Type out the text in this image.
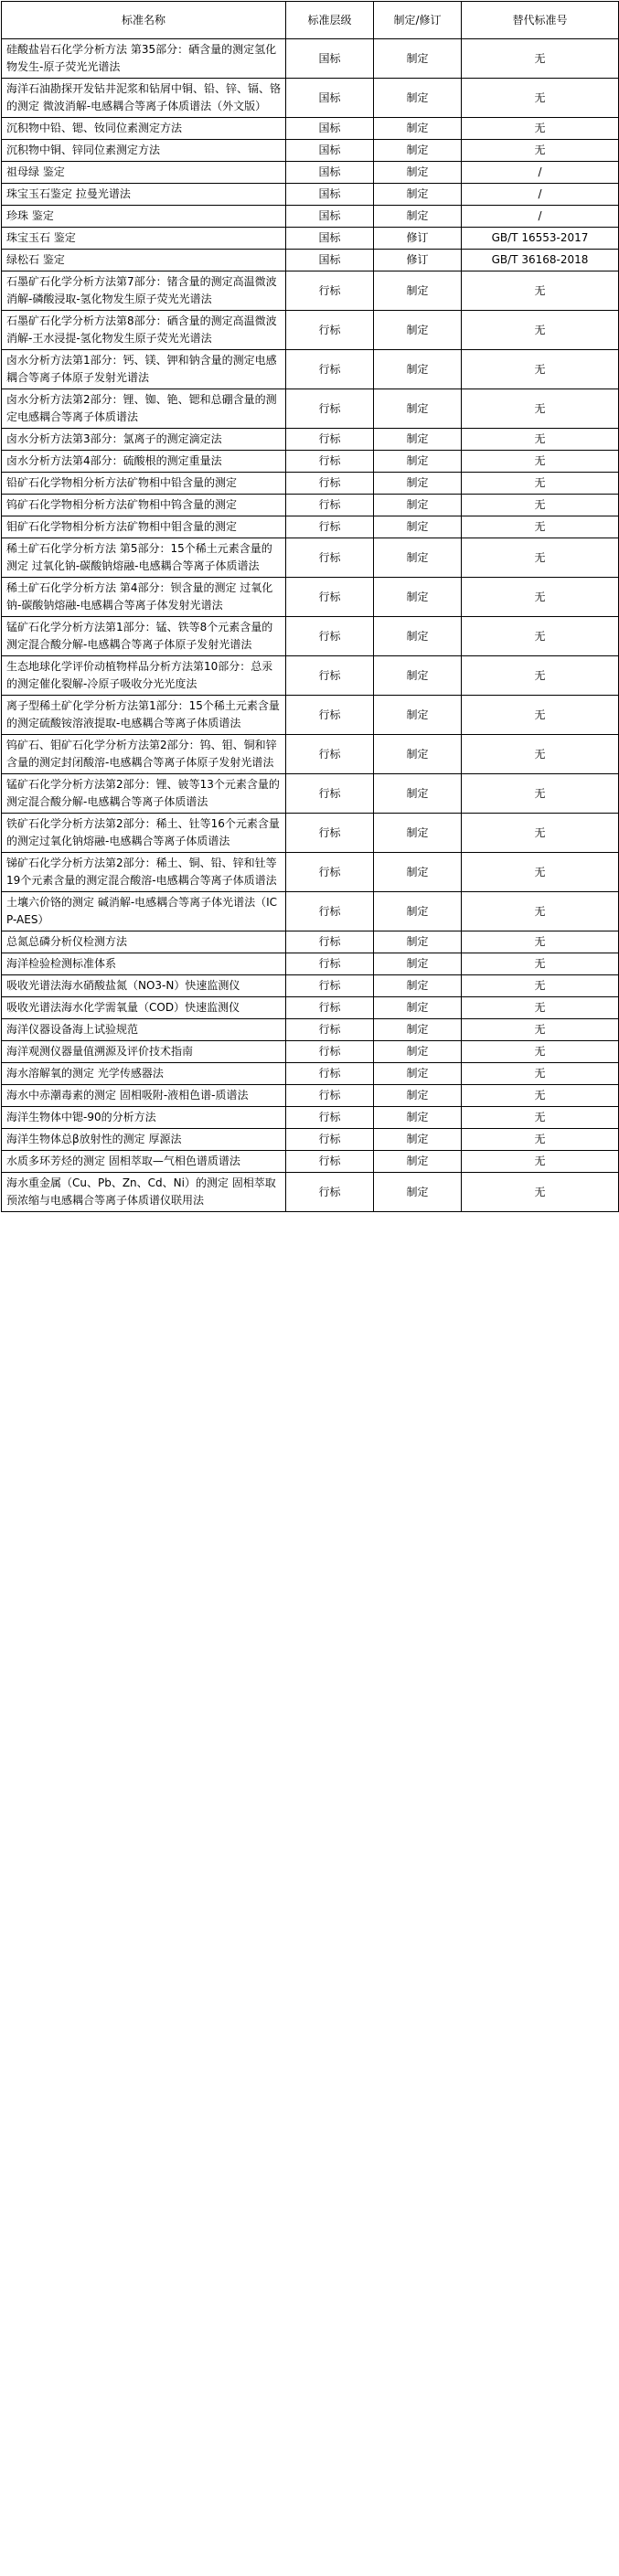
标准名称	标准层级	制定/修订	替代标准号
硅酸盐岩石化学分析方法 第35部分：硒含量的测定氢化物发生-原子荧光光谱法	国标	制定	无
海洋石油勘探开发钻井泥浆和钻屑中铜、铅、锌、镉、铬的测定 微波消解-电感耦合等离子体质谱法（外文版）	国标	制定	无
沉积物中铅、锶、钕同位素测定方法	国标	制定	无
沉积物中铜、锌同位素测定方法	国标	制定	无
祖母绿 鉴定	国标	制定	/
珠宝玉石鉴定 拉曼光谱法	国标	制定	/
珍珠 鉴定	国标	制定	/
珠宝玉石 鉴定	国标	修订	GB/T 16553-2017
绿松石 鉴定	国标	修订	GB/T 36168-2018
石墨矿石化学分析方法第7部分：锗含量的测定高温微波消解-磷酸浸取-氢化物发生原子荧光光谱法	行标	制定	无
石墨矿石化学分析方法第8部分：硒含量的测定高温微波消解-王水浸提-氢化物发生原子荧光光谱法	行标	制定	无
卤水分析方法第1部分：钙、镁、钾和钠含量的测定电感耦合等离子体原子发射光谱法	行标	制定	无
卤水分析方法第2部分：锂、铷、铯、锶和总硼含量的测定电感耦合等离子体质谱法	行标	制定	无
卤水分析方法第3部分：氯离子的测定滴定法	行标	制定	无
卤水分析方法第4部分：硫酸根的测定重量法	行标	制定	无
铅矿石化学物相分析方法矿物相中铅含量的测定	行标	制定	无
钨矿石化学物相分析方法矿物相中钨含量的测定	行标	制定	无
钼矿石化学物相分析方法矿物相中钼含量的测定	行标	制定	无
稀土矿石化学分析方法 第5部分：15个稀土元素含量的测定 过氧化钠-碳酸钠熔融-电感耦合等离子体质谱法	行标	制定	无
稀土矿石化学分析方法 第4部分：钡含量的测定 过氧化钠-碳酸钠熔融-电感耦合等离子体发射光谱法	行标	制定	无
锰矿石化学分析方法第1部分：锰、铁等8个元素含量的测定混合酸分解-电感耦合等离子体原子发射光谱法	行标	制定	无
生态地球化学评价动植物样品分析方法第10部分：总汞的测定催化裂解-冷原子吸收分光光度法	行标	制定	无
离子型稀土矿化学分析方法第1部分：15个稀土元素含量的测定硫酸铵溶液提取-电感耦合等离子体质谱法	行标	制定	无
钨矿石、钼矿石化学分析方法第2部分：钨、钼、铜和锌含量的测定封闭酸溶-电感耦合等离子体原子发射光谱法	行标	制定	无
锰矿石化学分析方法第2部分：锂、铍等13个元素含量的测定混合酸分解-电感耦合等离子体质谱法	行标	制定	无
铁矿石化学分析方法第2部分：稀土、钍等16个元素含量的测定过氧化钠熔融-电感耦合等离子体质谱法	行标	制定	无
锑矿石化学分析方法第2部分：稀土、铜、铅、锌和钍等19个元素含量的测定混合酸溶-电感耦合等离子体质谱法	行标	制定	无
土壤六价铬的测定 碱消解-电感耦合等离子体光谱法（ICP-AES）	行标	制定	无
总氮总磷分析仪检测方法	行标	制定	无
海洋检验检测标准体系	行标	制定	无
吸收光谱法海水硝酸盐氮（NO3-N）快速监测仪	行标	制定	无
吸收光谱法海水化学需氧量（COD）快速监测仪	行标	制定	无
海洋仪器设备海上试验规范	行标	制定	无
海洋观测仪器量值溯源及评价技术指南	行标	制定	无
海水溶解氧的测定 光学传感器法	行标	制定	无
海水中赤潮毒素的测定 固相吸附-液相色谱-质谱法	行标	制定	无
海洋生物体中锶-90的分析方法	行标	制定	无
海洋生物体总β放射性的测定 厚源法	行标	制定	无
水质多环芳烃的测定 固相萃取—气相色谱质谱法	行标	制定	无
海水重金属（Cu、Pb、Zn、Cd、Ni）的测定 固相萃取预浓缩与电感耦合等离子体质谱仪联用法	行标	制定	无
